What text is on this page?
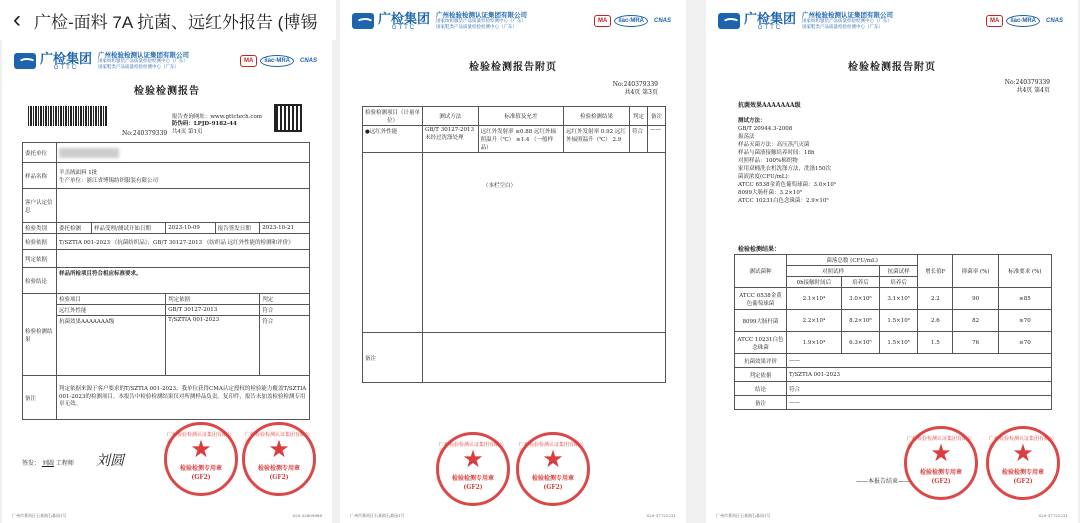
‹ 广检-面料 7A 抗菌、远红外报告 (博锡
广检集团
GTTC
广州检验检测认证集团有限公司
国家纺织服装产品质量检验检测中心（广东）
国家鞋类产品质量检验检测中心（广东）
MA	ilac-MRA	CNAS
检验检测报告
报告查询网址：www.gttctech.com
防伪码：LPJD-9182-44
共4页 第1页
No:240379339
委托单位					
样品名称	羊羔绒面料 1批
生产单位：浙江省博锡纺织服装有限公司				

客户认定信息					
检验类别	委托检测	样品受理/测试开始日期	2023-10-09	报告签发日期	2023-10-21
检验依据	T/SZTIA 001-2023 《抗菌纺织品》；GB/T 30127-2013 《纺织品 远红外性能的检测和评价》				
判定依据					
检验结论	样品所检项目符合相应标准要求。				
检验检测结果	检验项目		判定依据		判定
	远红外性能		GB/T 30127-2013		符合
	抗菌效果AAAAAAA级		T/SZTIA 001-2023		符合
备注	判定依据来源于客户要求的T/SZTIA 001-2023。我单位获得CMA认定授权的检验能力覆盖T/SZTIA 001-2023的检测项目。本报告中检验检测结果仅对所测样品负责。复印件，报告未加盖检验检测专用章无效。				
签发： 刘圆 工程师 刘圆
广州检验检测认证集团有限公司 ★
检验检测专用章
(GF2)
广州检验检测认证集团有限公司 ★
检验检测专用章
(GF2)
广州市番禺区石基镇石碁园1号	020-32809888
广检集团
GTTC
广州检验检测认证集团有限公司
国家纺织服装产品质量检验检测中心（广东）
国家鞋类产品质量检验检测中心（广东）
MA	ilac-MRA	CNAS
检验检测报告附页
No:240379339
共4页 第3页
检验检测项目（计量单位）	测试方法	标准值及允差	检验检测结果	判定	备注
●远红外性能	GB/T 30127-2013 未经过洗涤处理	远红外发射率 ≥0.88 远红外辐照温升（℃） ≥1.4 （一般样品）	远红外发射率 0.92 远红外辐照温升（℃） 2.9	符合	——
	（本栏空白）				
备注					
广州检验检测认证集团有限公司 ★
检验检测专用章
(GF2)
广州检验检测认证集团有限公司 ★
检验检测专用章
(GF2)
广州市番禺区石基镇石碁园1号	020-37721211
广检集团
GTTC
广州检验检测认证集团有限公司
国家纺织服装产品质量检验检测中心（广东）
国家鞋类产品质量检验检测中心（广东）
MA	ilac-MRA	CNAS
检验检测报告附页
No:240379339
共4页 第4页
抗菌效果AAAAAAA级
测试方法：
GB/T 20944.3-2008
振荡法
样品灭菌方法：高压蒸汽灭菌
样品与菌液接触培养时间：18h
对照样品：100%棉织物
家用双桶洗衣机洗涤方法，洗涤150次
菌液浓度(CFU/mL)：
ATCC 6538金黄色葡萄球菌：3.0×10⁵
8099大肠杆菌：3.2×10⁵
ATCC 10231白色念珠菌：2.9×10⁵
检验检测结果：
测试菌种	菌落总数 (CFU/mL)			增长值F	抑菌率 (%)	标准要求 (%)
	对照试样		抗菌试样			
	0h接触时间后	培养后	培养后			
ATCC 6538金黄色葡萄球菌	2.1×10⁴	3.0×10⁶	3.1×10⁵	2.2	90	≥85
8099大肠杆菌	2.2×10⁴	8.2×10⁶	1.5×10⁶	2.6	82	≥70
ATCC 10231白色念珠菌	1.9×10⁴	6.3×10⁵	1.5×10⁵	1.5	76	≥70
抗菌效果评价	——					
判定依据	T/SZTIA 001-2023					
结论	符合					
备注	——					
——本报告结束——
广州检验检测认证集团有限公司 ★
检验检测专用章
(GF2)
广州检验检测认证集团有限公司 ★
检验检测专用章
(GF2)
广州市番禺区石基镇石碁园1号	020-37721211
